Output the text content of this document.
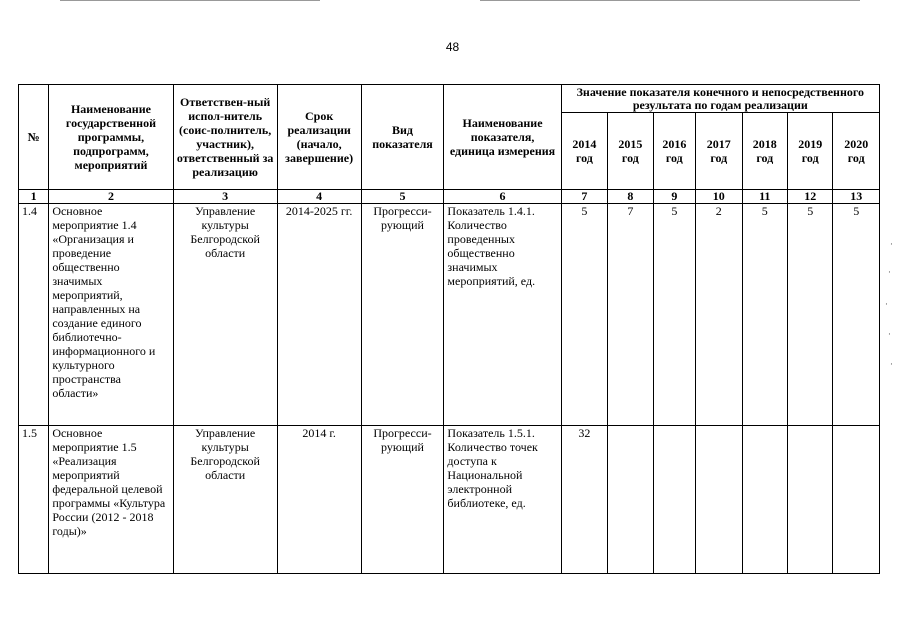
48
№	Наименование государственной программы, подпрограмм, мероприятий	Ответствен-ный испол-нитель (соис-полнитель, участник), ответственный за реализацию	Срок реализации (начало, завершение)	Вид показателя	Наименование показателя, единица измерения	Значение показателя конечного и непосредственного результата по годам реализации						
						2014 год	2015 год	2016 год	2017 год	2018 год	2019 год	2020 год
1	2	3	4	5	6	7	8	9	10	11	12	13
1.4	Основное мероприятие 1.4 «Организация и проведение общественно значимых мероприятий, направленных на создание единого библиотечно-информационного и культурного пространства области»	Управление культуры Белгородской области	2014-2025 гг.	Прогресси-рующий	Показатель 1.4.1. Количество проведенных общественно значимых мероприятий, ед.	5	7	5	2	5	5	5
1.5	Основное мероприятие 1.5 «Реализация мероприятий федеральной целевой программы «Культура России (2012 - 2018 годы)»	Управление культуры Белгородской области	2014 г.	Прогресси-рующий	Показатель 1.5.1. Количество точек доступа к Национальной электронной библиотеке, ед.	32						
·
·
·
·
·
